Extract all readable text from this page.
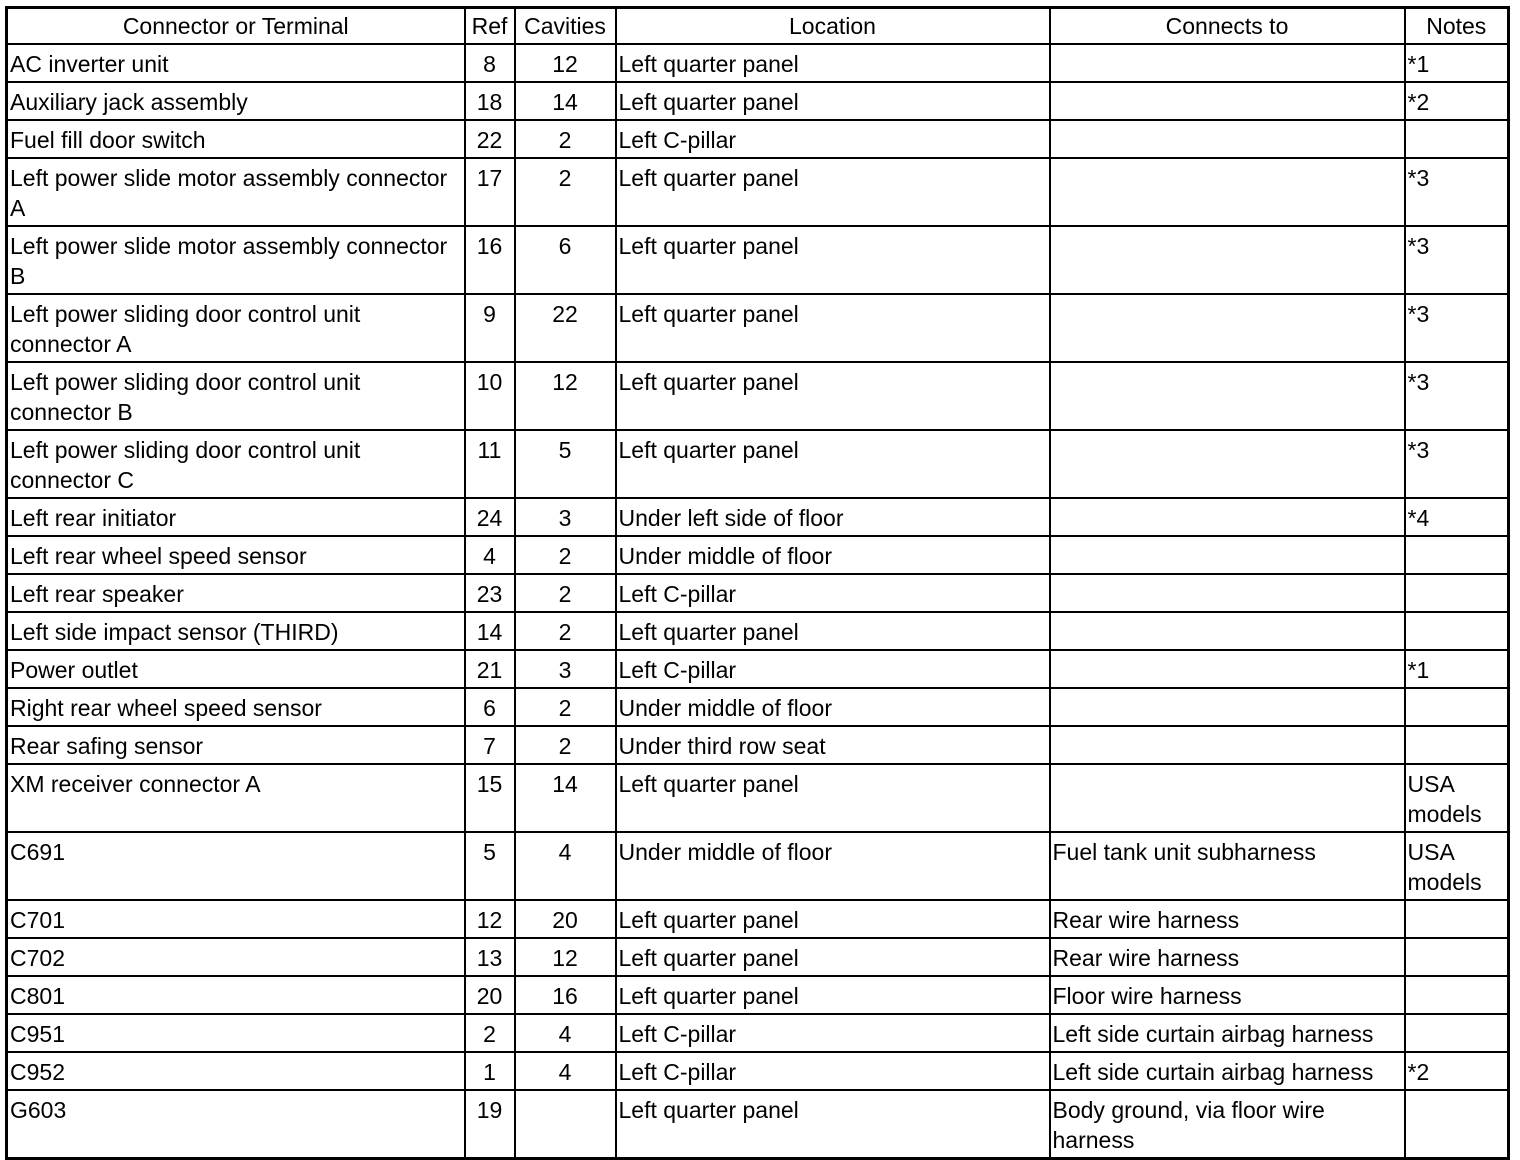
Connector or Terminal	Ref	Cavities	Location	Connects to	Notes
AC inverter unit	8	12	Left quarter panel		*1
Auxiliary jack assembly	18	14	Left quarter panel		*2
Fuel fill door switch	22	2	Left C-pillar		
Left power slide motor assembly connector A	17	2	Left quarter panel		*3
Left power slide motor assembly connector B	16	6	Left quarter panel		*3
Left power sliding door control unit connector A	9	22	Left quarter panel		*3
Left power sliding door control unit connector B	10	12	Left quarter panel		*3
Left power sliding door control unit connector C	11	5	Left quarter panel		*3
Left rear initiator	24	3	Under left side of floor		*4
Left rear wheel speed sensor	4	2	Under middle of floor		
Left rear speaker	23	2	Left C-pillar		
Left side impact sensor (THIRD)	14	2	Left quarter panel		
Power outlet	21	3	Left C-pillar		*1
Right rear wheel speed sensor	6	2	Under middle of floor		
Rear safing sensor	7	2	Under third row seat		
XM receiver connector A	15	14	Left quarter panel		USA models
C691	5	4	Under middle of floor	Fuel tank unit subharness	USA models
C701	12	20	Left quarter panel	Rear wire harness	
C702	13	12	Left quarter panel	Rear wire harness	
C801	20	16	Left quarter panel	Floor wire harness	
C951	2	4	Left C-pillar	Left side curtain airbag harness	
C952	1	4	Left C-pillar	Left side curtain airbag harness	*2
G603	19		Left quarter panel	Body ground, via floor wire harness	
